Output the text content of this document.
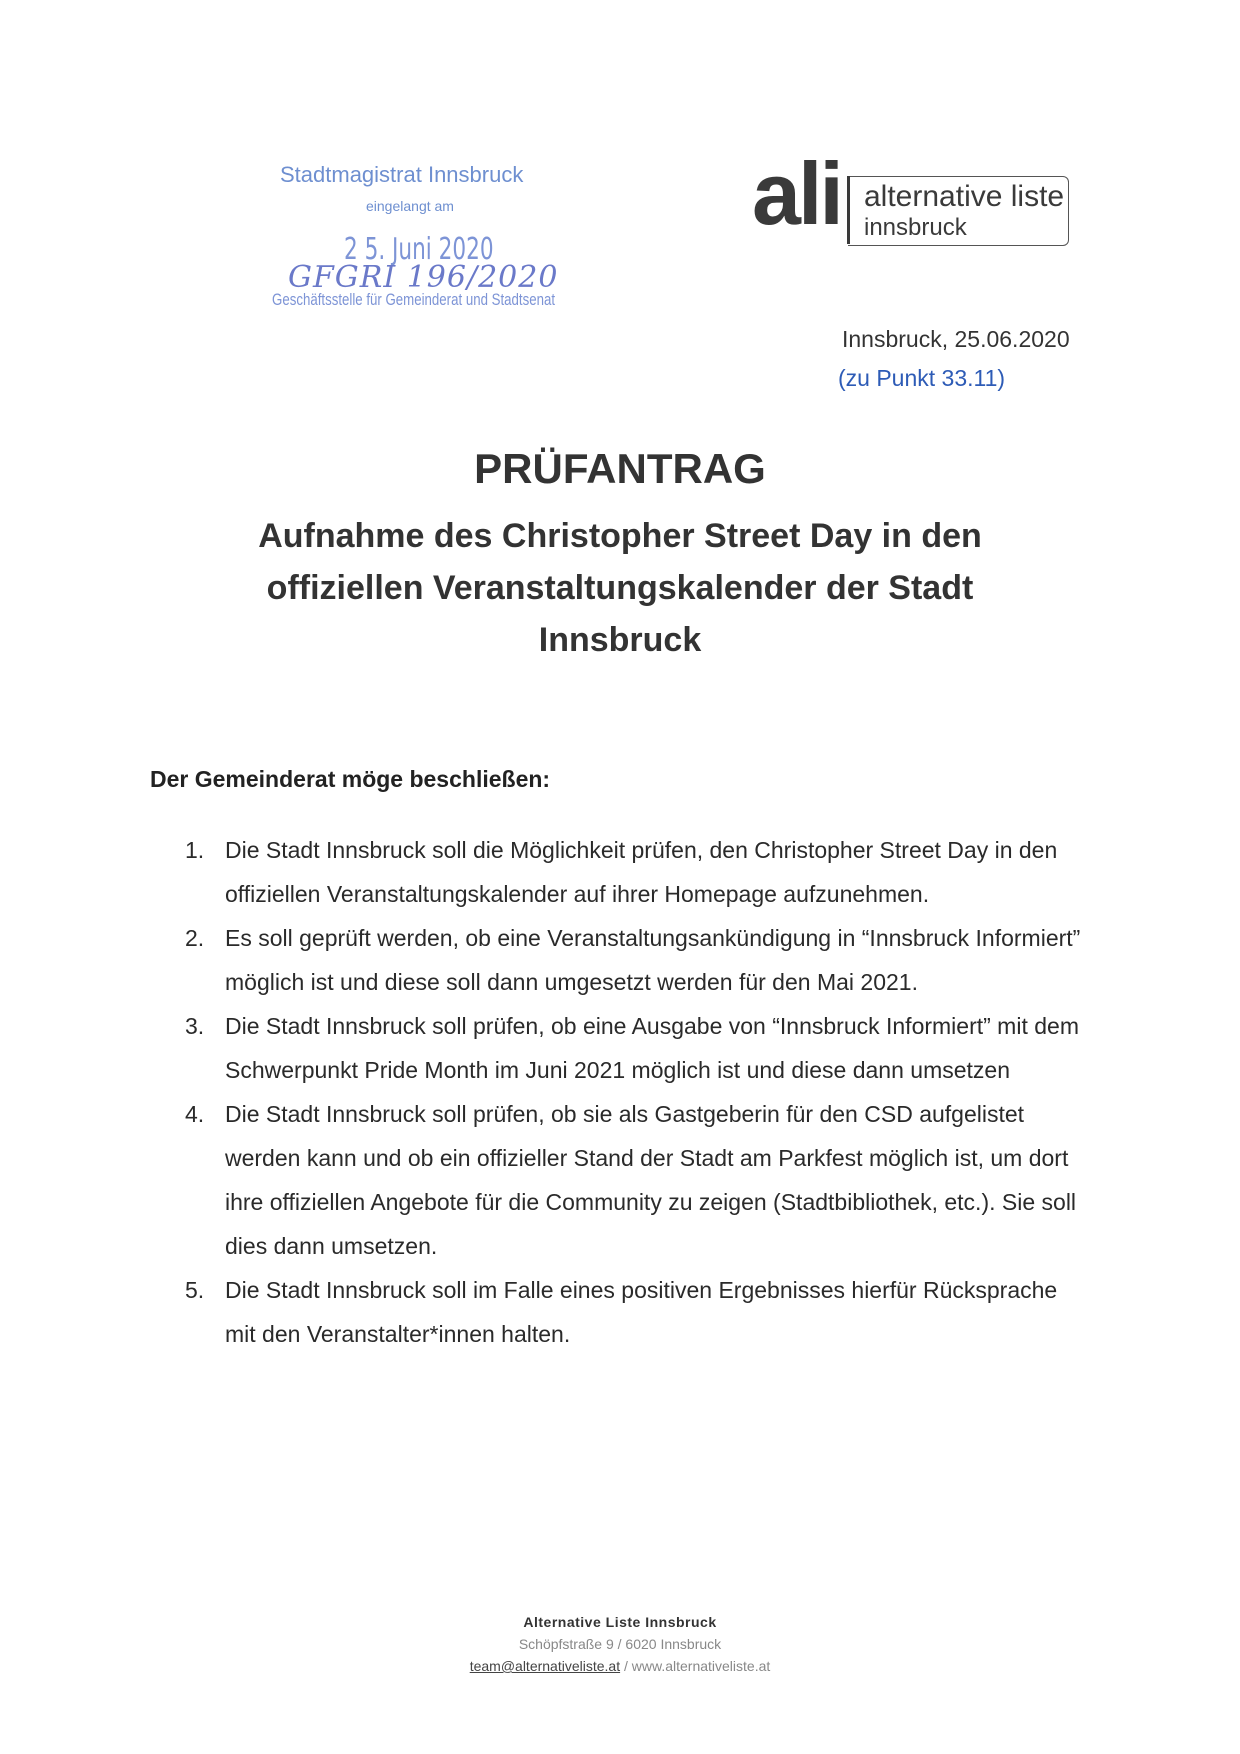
Stadtmagistrat Innsbruck
eingelangt am
2 5. Juni 2020
GFGRI 196/2020
Geschäftsstelle für Gemeinderat und Stadtsenat
ali alternative liste
innsbruck
Innsbruck, 25.06.2020
(zu Punkt 33.11)
PRÜFANTRAG
Aufnahme des Christopher Street Day in den offiziellen Veranstaltungskalender der Stadt Innsbruck
Der Gemeinderat möge beschließen:
1. Die Stadt Innsbruck soll die Möglichkeit prüfen, den Christopher Street Day in den offiziellen Veranstaltungskalender auf ihrer Homepage aufzunehmen.
2. Es soll geprüft werden, ob eine Veranstaltungsankündigung in “Innsbruck Informiert” möglich ist und diese soll dann umgesetzt werden für den Mai 2021.
3. Die Stadt Innsbruck soll prüfen, ob eine Ausgabe von “Innsbruck Informiert” mit dem Schwerpunkt Pride Month im Juni 2021 möglich ist und diese dann umsetzen
4. Die Stadt Innsbruck soll prüfen, ob sie als Gastgeberin für den CSD aufgelistet werden kann und ob ein offizieller Stand der Stadt am Parkfest möglich ist, um dort ihre offiziellen Angebote für die Community zu zeigen (Stadtbibliothek, etc.). Sie soll dies dann umsetzen.
5. Die Stadt Innsbruck soll im Falle eines positiven Ergebnisses hierfür Rücksprache mit den Veranstalter*innen halten.
Alternative Liste Innsbruck
Schöpfstraße 9 / 6020 Innsbruck
team@alternativeliste.at / www.alternativeliste.at
